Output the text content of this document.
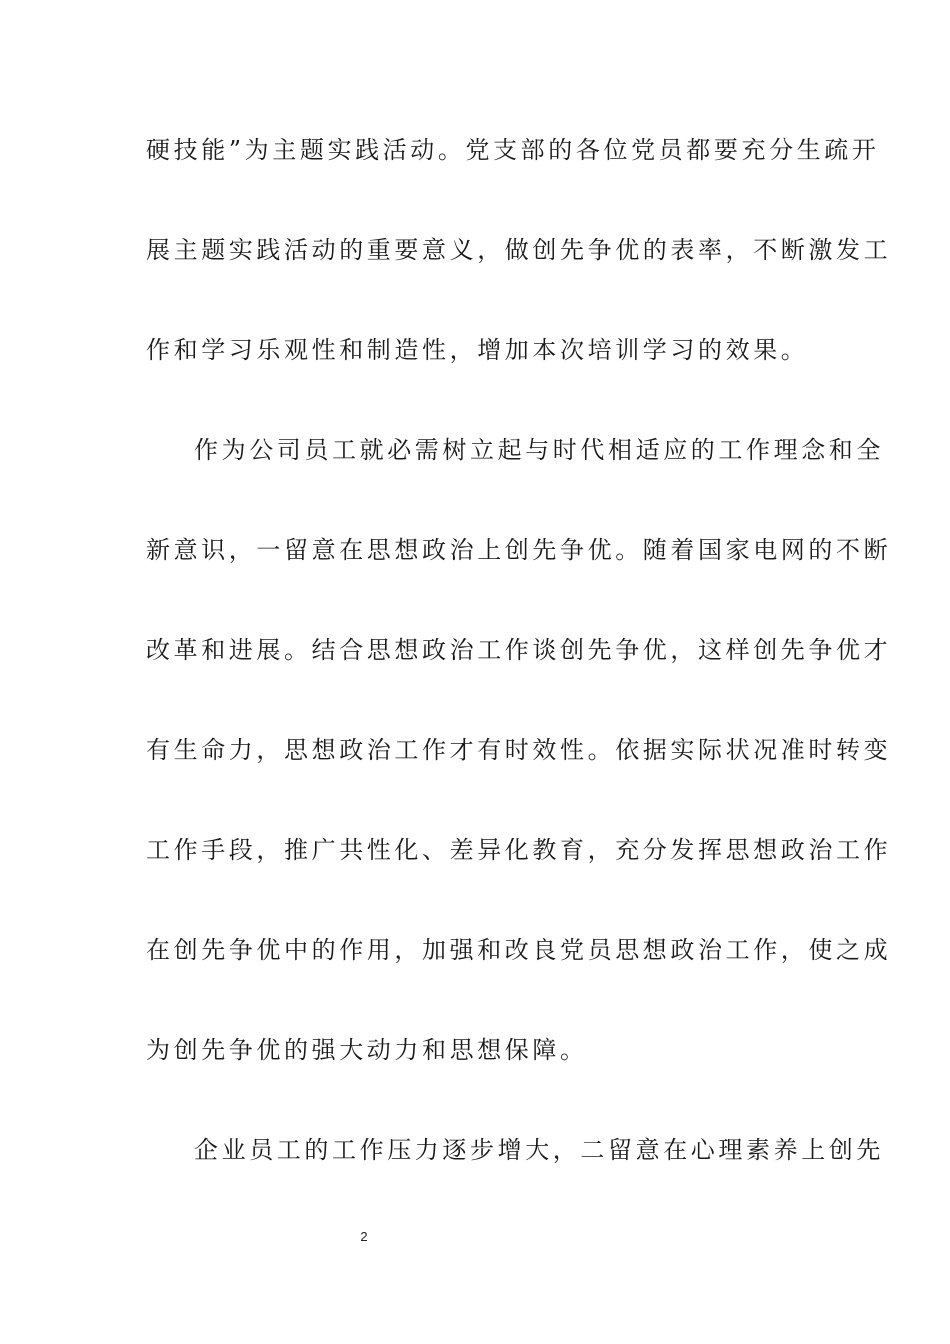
硬技能”为主题实践活动。党支部的各位党员都要充分生疏开
展主题实践活动的重要意义，做创先争优的表率，不断激发工
作和学习乐观性和制造性，增加本次培训学习的效果。
作为公司员工就必需树立起与时代相适应的工作理念和全
新意识，一留意在思想政治上创先争优。随着国家电网的不断
改革和进展。结合思想政治工作谈创先争优，这样创先争优才
有生命力，思想政治工作才有时效性。依据实际状况准时转变
工作手段，推广共性化、差异化教育，充分发挥思想政治工作
在创先争优中的作用，加强和改良党员思想政治工作，使之成
为创先争优的强大动力和思想保障。
企业员工的工作压力逐步增大，二留意在心理素养上创先
2
